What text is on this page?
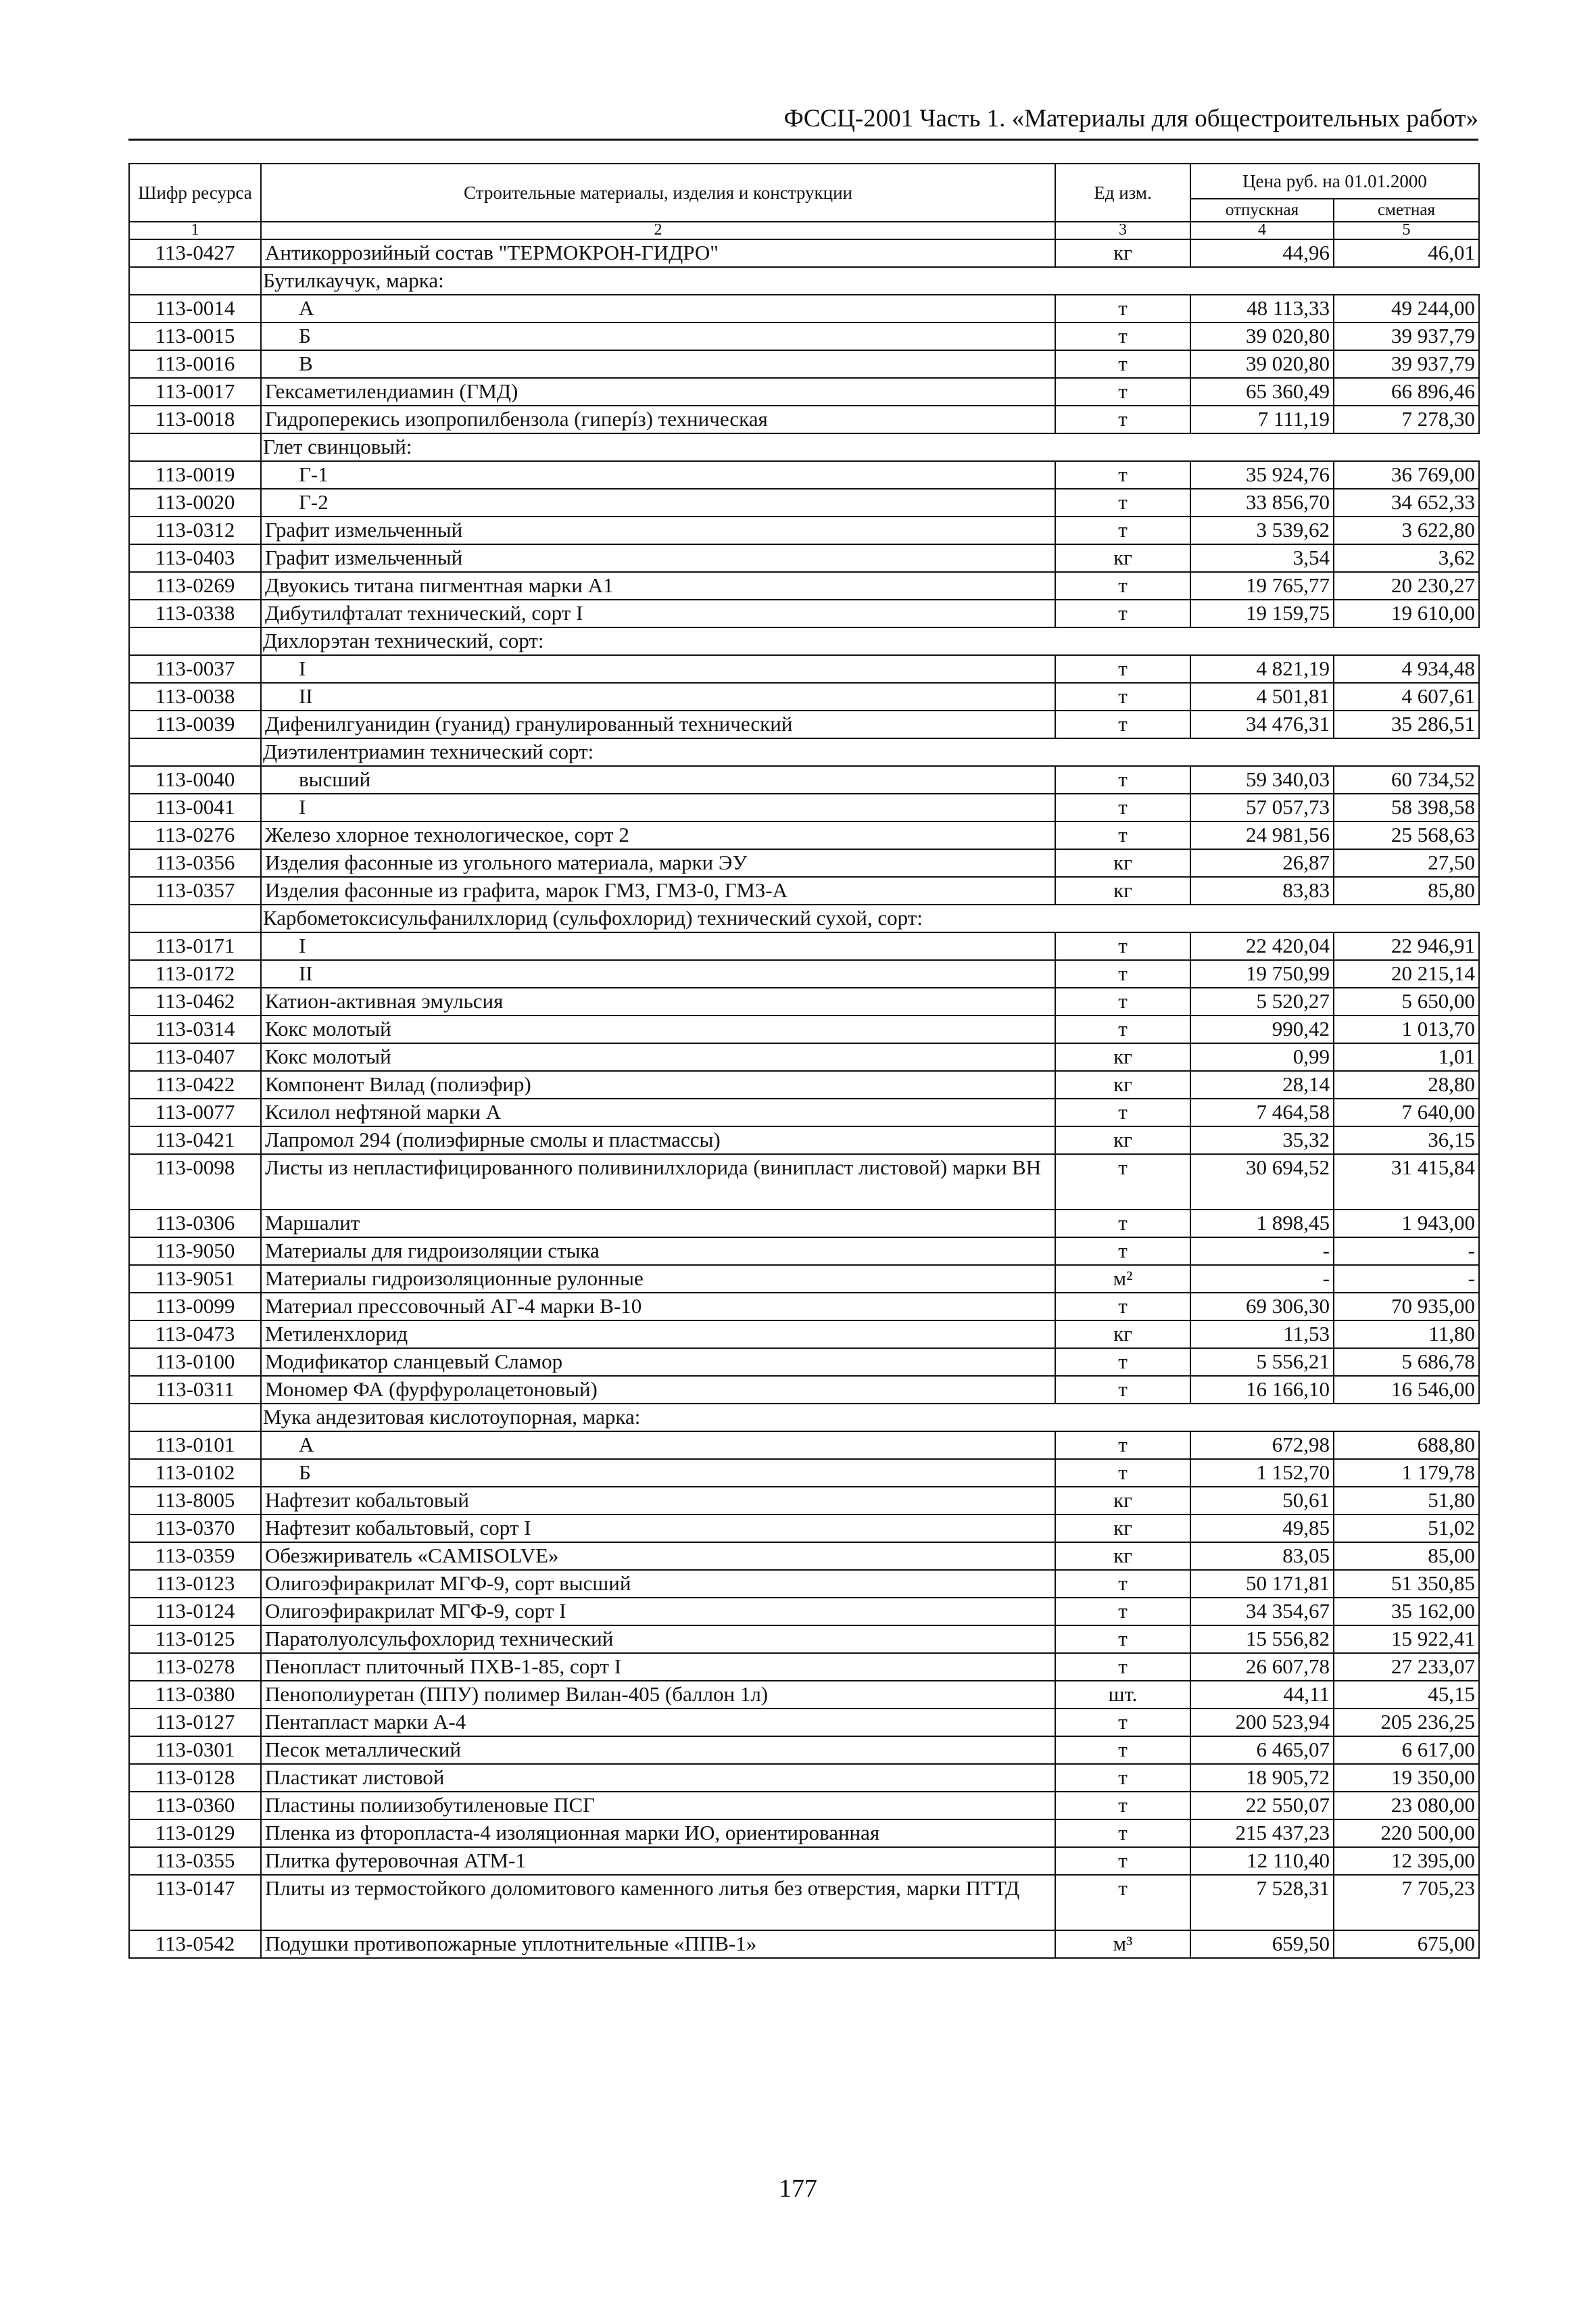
ФССЦ-2001 Часть 1. «Материалы для общестроительных работ»
Шифр ресурса	Строительные материалы, изделия и конструкции	Ед изм.	Цена руб. на 01.01.2000	
			отпускная	сметная
1	2	3	4	5
113-0427	Антикоррозийный состав "ТЕРМОКРОН-ГИДРО"	кг	44,96	46,01
	Бутилкаучук, марка:			
113-0014	А	т	48 113,33	49 244,00
113-0015	Б	т	39 020,80	39 937,79
113-0016	В	т	39 020,80	39 937,79
113-0017	Гексаметилендиамин (ГМД)	т	65 360,49	66 896,46
113-0018	Гидроперекись изопропилбензола (гиперíз) техническая	т	7 111,19	7 278,30
	Глет свинцовый:			
113-0019	Г-1	т	35 924,76	36 769,00
113-0020	Г-2	т	33 856,70	34 652,33
113-0312	Графит измельченный	т	3 539,62	3 622,80
113-0403	Графит измельченный	кг	3,54	3,62
113-0269	Двуокись титана пигментная марки А1	т	19 765,77	20 230,27
113-0338	Дибутилфталат технический, сорт I	т	19 159,75	19 610,00
	Дихлорэтан технический, сорт:			
113-0037	I	т	4 821,19	4 934,48
113-0038	II	т	4 501,81	4 607,61
113-0039	Дифенилгуанидин (гуанид) гранулированный технический	т	34 476,31	35 286,51
	Диэтилентриамин технический сорт:			
113-0040	высший	т	59 340,03	60 734,52
113-0041	I	т	57 057,73	58 398,58
113-0276	Железо хлорное технологическое, сорт 2	т	24 981,56	25 568,63
113-0356	Изделия фасонные из угольного материала, марки ЭУ	кг	26,87	27,50
113-0357	Изделия фасонные из графита, марок ГМЗ, ГМЗ-0, ГМЗ-А	кг	83,83	85,80
	Карбометоксисульфанилхлорид (сульфохлорид) технический сухой, сорт:			
113-0171	I	т	22 420,04	22 946,91
113-0172	II	т	19 750,99	20 215,14
113-0462	Катион-активная эмульсия	т	5 520,27	5 650,00
113-0314	Кокс молотый	т	990,42	1 013,70
113-0407	Кокс молотый	кг	0,99	1,01
113-0422	Компонент Вилад (полиэфир)	кг	28,14	28,80
113-0077	Ксилол нефтяной марки А	т	7 464,58	7 640,00
113-0421	Лапромол 294 (полиэфирные смолы и пластмассы)	кг	35,32	36,15
113-0098	Листы из непластифицированного поливинилхлорида (винипласт листовой) марки ВН	т	30 694,52	31 415,84
113-0306	Маршалит	т	1 898,45	1 943,00
113-9050	Материалы для гидроизоляции стыка	т	-	-
113-9051	Материалы гидроизоляционные рулонные	м²	-	-
113-0099	Материал прессовочный АГ-4 марки В-10	т	69 306,30	70 935,00
113-0473	Метиленхлорид	кг	11,53	11,80
113-0100	Модификатор сланцевый Сламор	т	5 556,21	5 686,78
113-0311	Мономер ФА (фурфуролацетоновый)	т	16 166,10	16 546,00
	Мука андезитовая кислотоупорная, марка:			
113-0101	А	т	672,98	688,80
113-0102	Б	т	1 152,70	1 179,78
113-8005	Нафтезит кобальтовый	кг	50,61	51,80
113-0370	Нафтезит кобальтовый, сорт I	кг	49,85	51,02
113-0359	Обезжириватель «CAMISOLVE»	кг	83,05	85,00
113-0123	Олигоэфиракрилат МГФ-9, сорт высший	т	50 171,81	51 350,85
113-0124	Олигоэфиракрилат МГФ-9, сорт I	т	34 354,67	35 162,00
113-0125	Паратолуолсульфохлорид технический	т	15 556,82	15 922,41
113-0278	Пенопласт плиточный ПХВ-1-85, сорт I	т	26 607,78	27 233,07
113-0380	Пенополиуретан (ППУ) полимер Вилан-405 (баллон 1л)	шт.	44,11	45,15
113-0127	Пентапласт марки А-4	т	200 523,94	205 236,25
113-0301	Песок металлический	т	6 465,07	6 617,00
113-0128	Пластикат листовой	т	18 905,72	19 350,00
113-0360	Пластины полиизобутиленовые ПСГ	т	22 550,07	23 080,00
113-0129	Пленка из фторопласта-4 изоляционная марки ИО, ориентированная	т	215 437,23	220 500,00
113-0355	Плитка футеровочная АТМ-1	т	12 110,40	12 395,00
113-0147	Плиты из термостойкого доломитового каменного литья без отверстия, марки ПТТД	т	7 528,31	7 705,23
113-0542	Подушки противопожарные уплотнительные «ППВ-1»	м³	659,50	675,00
177
